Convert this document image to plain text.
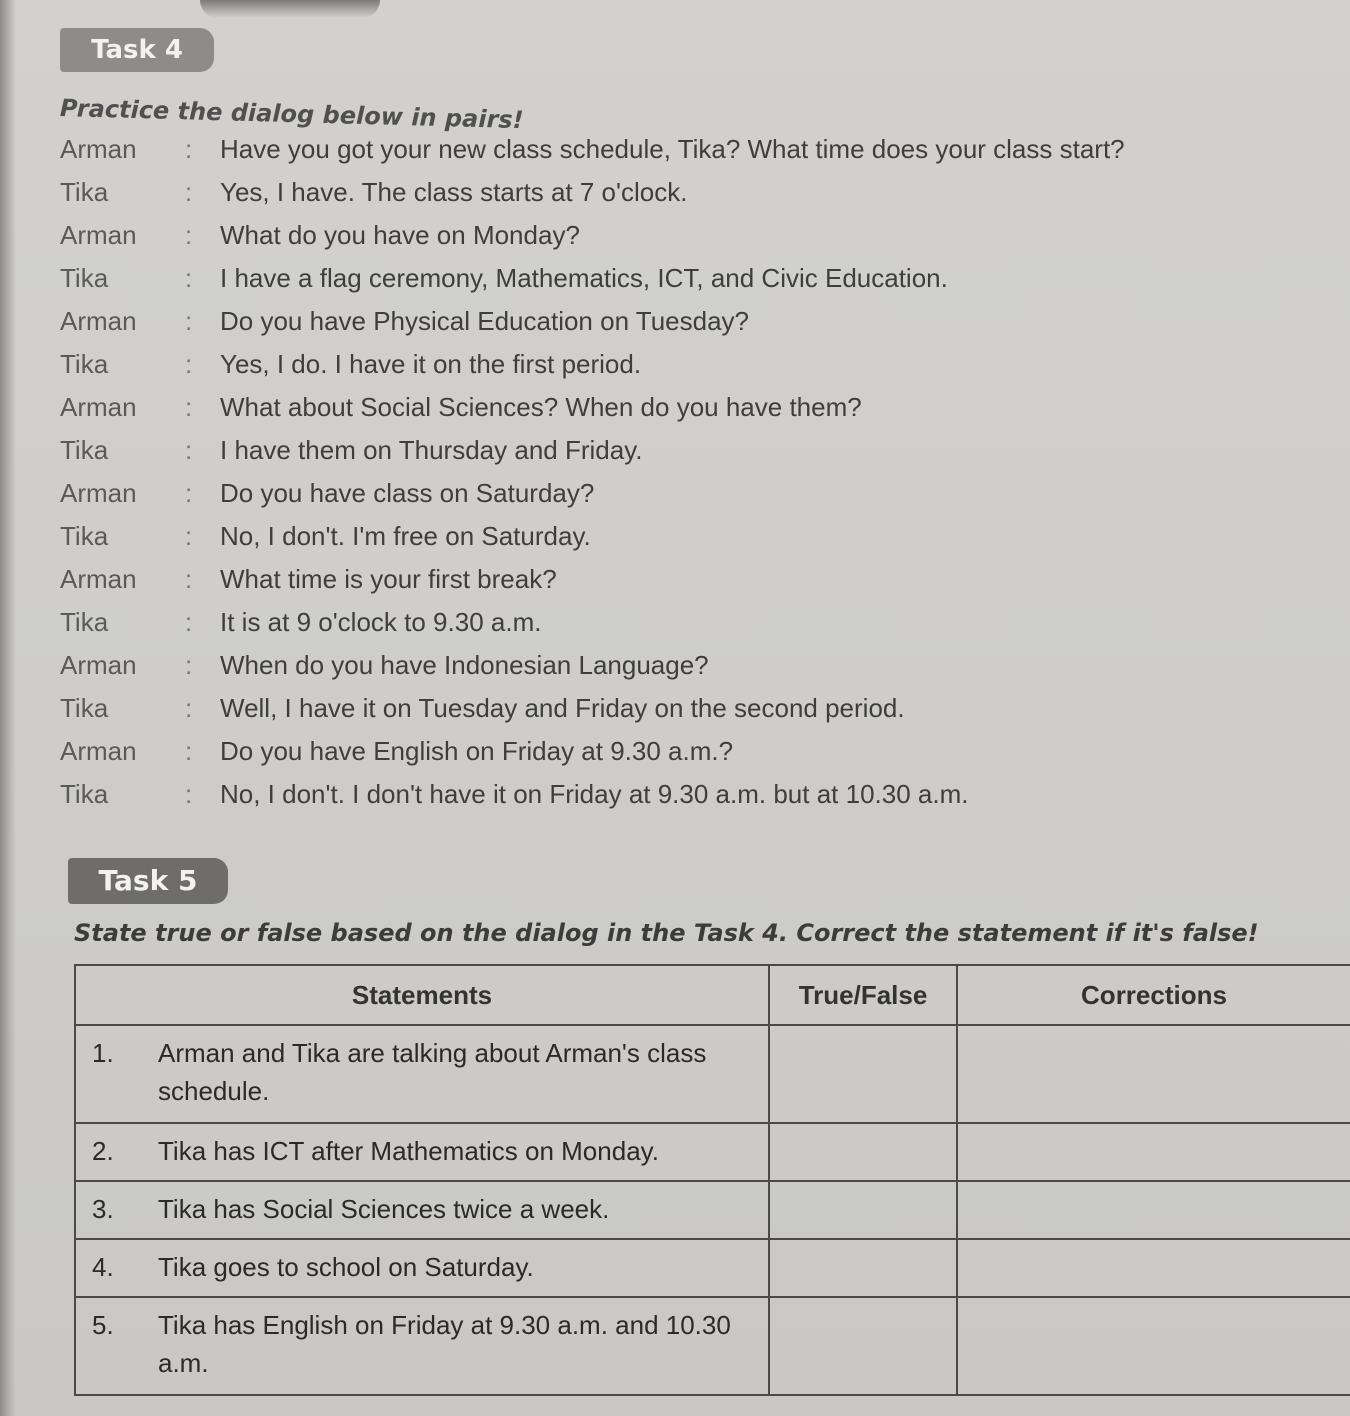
Task 4
Practice the dialog below in pairs!
Arman : Have you got your new class schedule, Tika? What time does your class start?
Tika	: Yes, I have. The class starts at 7 o'clock.
Arman : What do you have on Monday?
Tika	: I have a flag ceremony, Mathematics, ICT, and Civic Education.
Arman : Do you have Physical Education on Tuesday?
Tika	: Yes, I do. I have it on the first period.
Arman : What about Social Sciences? When do you have them?
Tika	: I have them on Thursday and Friday.
Arman : Do you have class on Saturday?
Tika	: No, I don't. I'm free on Saturday.
Arman : What time is your first break?
Tika	: It is at 9 o'clock to 9.30 a.m.
Arman : When do you have Indonesian Language?
Tika	: Well, I have it on Tuesday and Friday on the second period.
Arman : Do you have English on Friday at 9.30 a.m.?
Tika	: No, I don't. I don't have it on Friday at 9.30 a.m. but at 10.30 a.m.
Task 5
State true or false based on the dialog in the Task 4. Correct the statement if it's false!
Statements	True/False	Corrections

1. Arman and Tika are talking about Arman's class schedule.		

2. Tika has ICT after Mathematics on Monday.		

3. Tika has Social Sciences twice a week.		

4. Tika goes to school on Saturday.		

5. Tika has English on Friday at 9.30 a.m. and 10.30 a.m.		
